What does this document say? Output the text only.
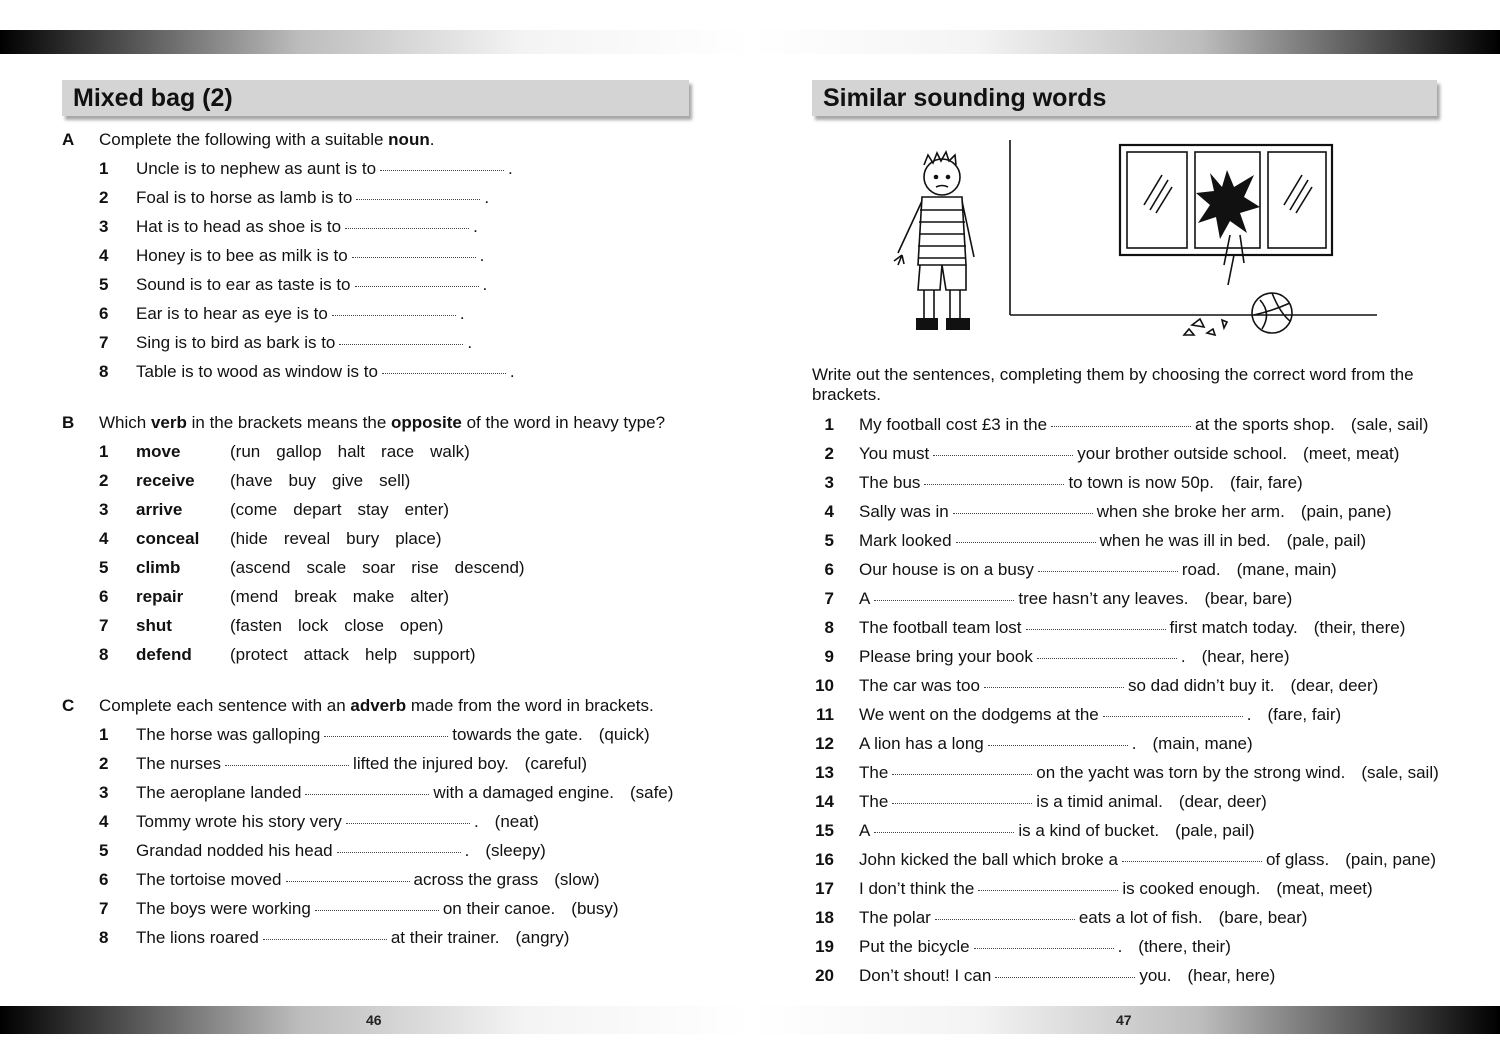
46	47
Mixed bag (2)
A Complete the following with a suitable noun.
1 Uncle is to nephew as aunt is to	.
2 Foal is to horse as lamb is to	.
3 Hat is to head as shoe is to	.
4 Honey is to bee as milk is to	.
5 Sound is to ear as taste is to	.
6 Ear is to hear as eye is to	.
7 Sing is to bird as bark is to	.
8 Table is to wood as window is to	.
B Which verb in the brackets means the opposite of the word in heavy type?
1 move	(run gallop halt race walk)
2 receive (have buy give sell)
3 arrive	(come depart stay enter)
4 conceal (hide reveal bury place)
5 climb	(ascend scale soar rise descend)
6 repair	(mend break make alter)
7 shut	(fasten lock close open)
8 defend (protect attack help support)
C Complete each sentence with an adverb made from the word in brackets.
1 The horse was galloping	towards the gate. (quick)
2 The nurses	lifted the injured boy. (careful)
3 The aeroplane landed	with a damaged engine. (safe)
4 Tommy wrote his story very	. (neat)
5 Grandad nodded his head	. (sleepy)
6 The tortoise moved	across the grass (slow)
7 The boys were working	on their canoe. (busy)
8 The lions roared	at their trainer. (angry)
Similar sounding words
Write out the sentences, completing them by choosing the correct word from the brackets.
1 My football cost £3 in the	at the sports shop. (sale, sail)
2 You must	your brother outside school. (meet, meat)
3 The bus	to town is now 50p. (fair, fare)
4 Sally was in	when she broke her arm. (pain, pane)
5 Mark looked	when he was ill in bed. (pale, pail)
6 Our house is on a busy	road. (mane, main)
7 A	tree hasn’t any leaves. (bear, bare)
8 The football team lost	first match today. (their, there)
9 Please bring your book	. (hear, here)
10 The car was too	so dad didn’t buy it. (dear, deer)
11 We went on the dodgems at the	. (fare, fair)
12 A lion has a long	. (main, mane)
13 The	on the yacht was torn by the strong wind. (sale, sail)
14 The	is a timid animal. (dear, deer)
15 A	is a kind of bucket. (pale, pail)
16 John kicked the ball which broke a	of glass. (pain, pane)
17 I don’t think the	is cooked enough. (meat, meet)
18 The polar	eats a lot of fish. (bare, bear)
19 Put the bicycle	. (there, their)
20 Don’t shout! I can	you. (hear, here)
